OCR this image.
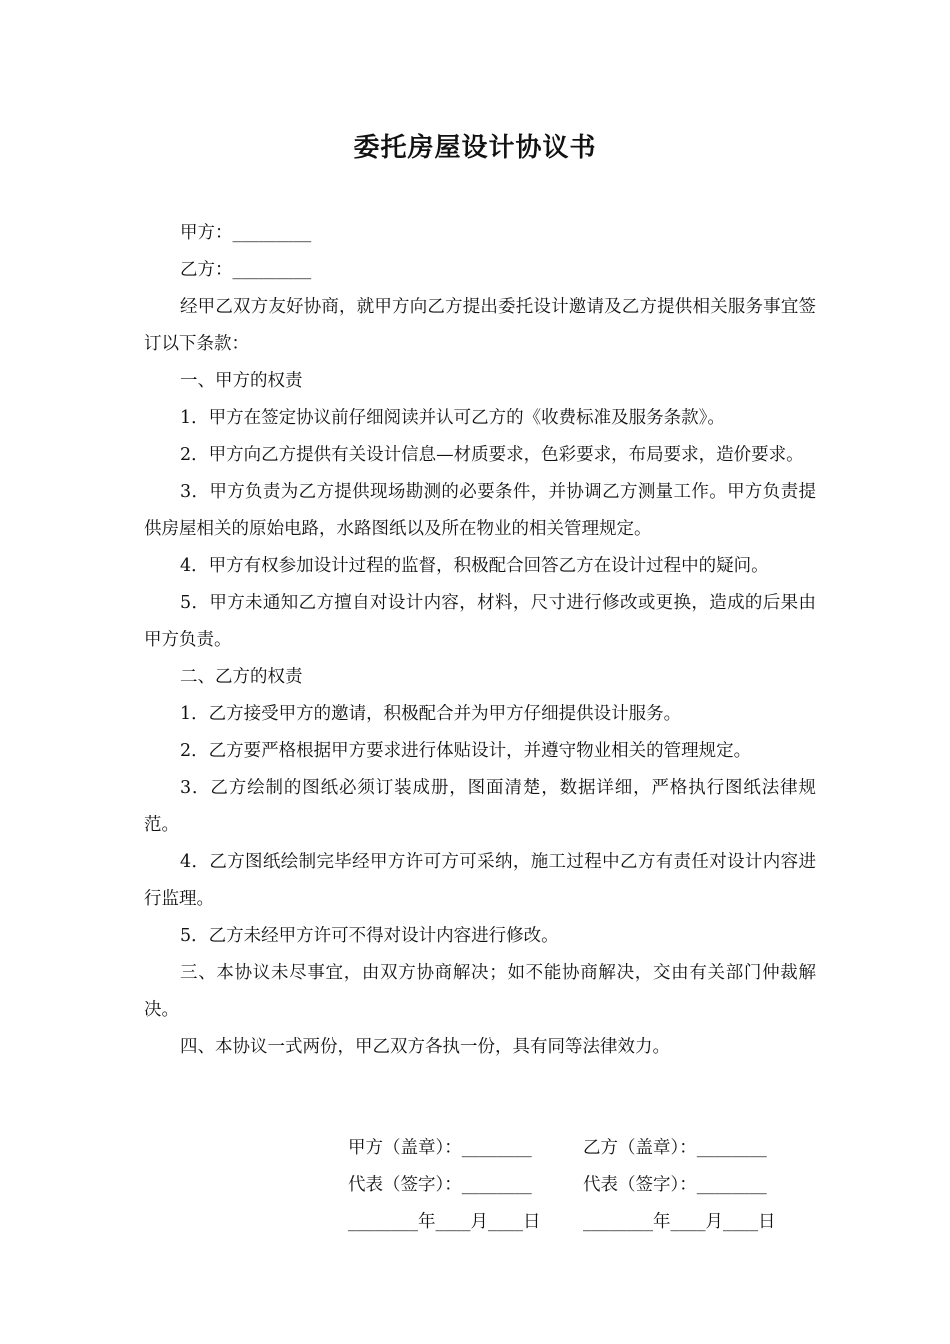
委托房屋设计协议书

甲方：_________

乙方：_________

经甲乙双方友好协商，就甲方向乙方提出委托设计邀请及乙方提供相关服务事宜签订以下条款：

一、甲方的权责

1．甲方在签定协议前仔细阅读并认可乙方的《收费标准及服务条款》。

2．甲方向乙方提供有关设计信息—材质要求，色彩要求，布局要求，造价要求。

3．甲方负责为乙方提供现场勘测的必要条件，并协调乙方测量工作。甲方负责提供房屋相关的原始电路，水路图纸以及所在物业的相关管理规定。

4．甲方有权参加设计过程的监督，积极配合回答乙方在设计过程中的疑问。

5．甲方未通知乙方擅自对设计内容，材料，尺寸进行修改或更换，造成的后果由甲方负责。

二、乙方的权责

1．乙方接受甲方的邀请，积极配合并为甲方仔细提供设计服务。

2．乙方要严格根据甲方要求进行体贴设计，并遵守物业相关的管理规定。

3．乙方绘制的图纸必须订装成册，图面清楚，数据详细，严格执行图纸法律规范。

4．乙方图纸绘制完毕经甲方许可方可采纳，施工过程中乙方有责任对设计内容进行监理。

5．乙方未经甲方许可不得对设计内容进行修改。

三、本协议未尽事宜，由双方协商解决；如不能协商解决，交由有关部门仲裁解决。

四、本协议一式两份，甲乙双方各执一份，具有同等法律效力。

甲方（盖章）：________	乙方（盖章）：________
代表（签字）：________	代表（签字）：________
________年____月____日	________年____月____日
